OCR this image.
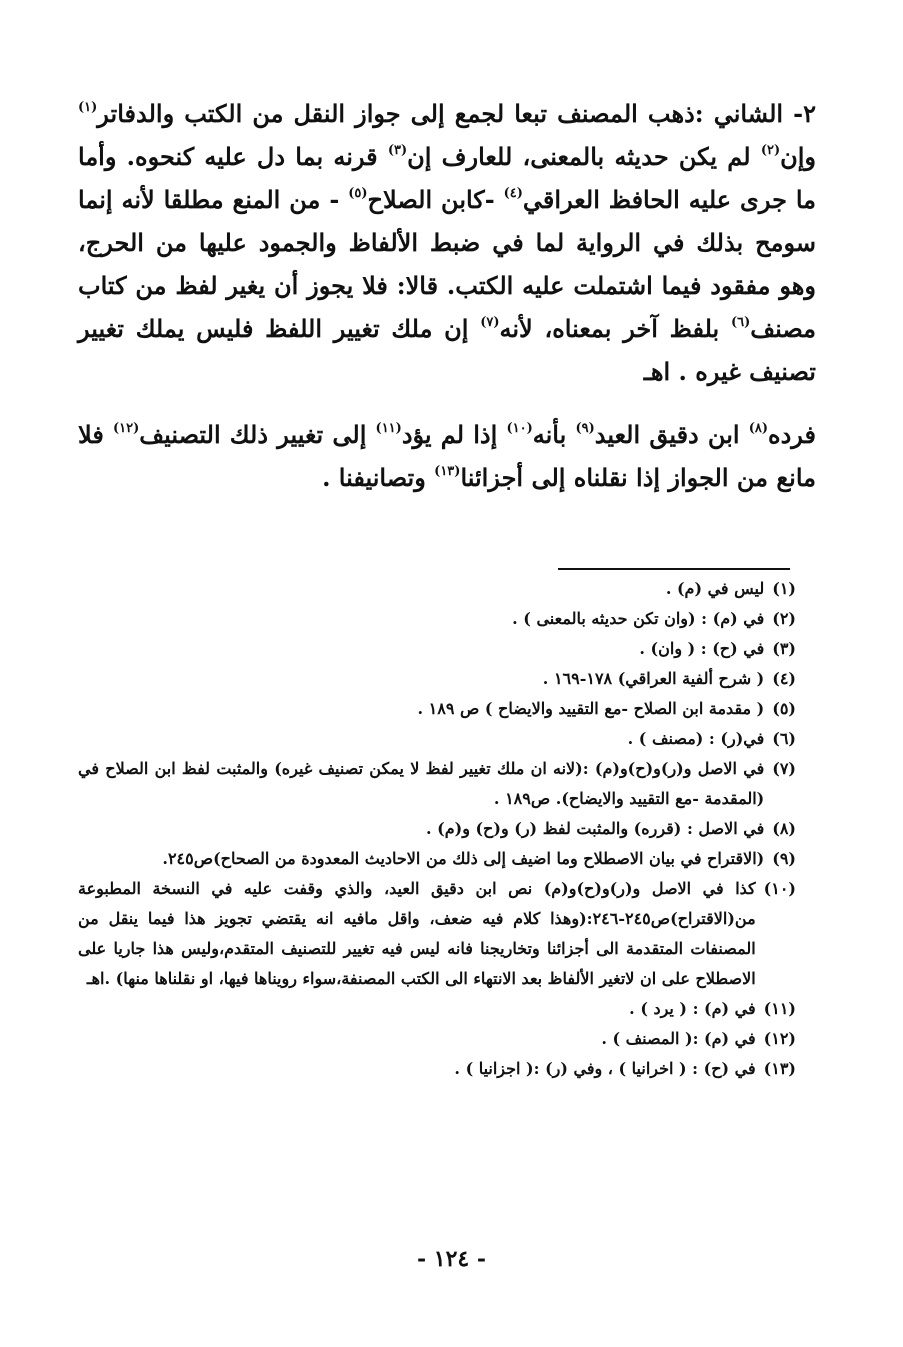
٢- الشاني :ذهب المصنف تبعا لجمع إلى جواز النقل من الكتب والدفاتر$^{(١)}$ وإن$^{(٢)}$ لم يكن حديثه بالمعنى، للعارف إن$^{(٣)}$ قرنه بما دل عليه كنحوه. وأما ما جرى عليه الحافظ العراقي$^{(٤)}$ -كابن الصلاح$^{(٥)}$ - من المنع مطلقا لأنه إنما سومح بذلك في الرواية لما في ضبط الألفاظ والجمود عليها من الحرج، وهو مفقود فيما اشتملت عليه الكتب. قالا: فلا يجوز أن يغير لفظ من كتاب مصنف$^{(٦)}$ بلفظ آخر بمعناه، لأنه$^{(٧)}$ إن ملك تغيير اللفظ فليس يملك تغيير تصنيف غيره . اهـ

فرده$^{(٨)}$ ابن دقيق العيد$^{(٩)}$ بأنه$^{(١٠)}$ إذا لم يؤد$^{(١١)}$ إلى تغيير ذلك التصنيف$^{(١٢)}$ فلا مانع من الجواز إذا نقلناه إلى أجزائنا$^{(١٣)}$ وتصانيفنا .

(١)
ليس في (م) .
(٢)
في (م) : (وان تكن حديثه بالمعنى ) .
(٣)
في (ح) : ( وان) .
(٤)
( شرح ألفية العراقي) ١٧٨-١٦٩ .
(٥)
( مقدمة ابن الصلاح -مع التقييد والايضاح ) ص ١٨٩ .
(٦)
في(ر) : (مصنف ) .
(٧)
في الاصل و(ر)و(ح)و(م) :(لانه ان ملك تغيير لفظ لا يمكن تصنيف غيره) والمثبت لفظ ابن الصلاح في (المقدمة -مع التقييد والايضاح). ص١٨٩ .
(٨)
في الاصل : (قرره) والمثبت لفظ (ر) و(ح) و(م) .
(٩)
(الاقتراح في بيان الاصطلاح وما اضيف إلى ذلك من الاحاديث المعدودة من الصحاح)ص٢٤٥.
(١٠)
كذا في الاصل و(ر)و(ح)و(م) نص ابن دقيق العيد، والذي وقفت عليه في النسخة المطبوعة من(الاقتراح)ص٢٤٥-٢٤٦:(وهذا كلام فيه ضعف، واقل مافيه انه يقتضي تجويز هذا فيما ينقل من المصنفات المتقدمة الى أجزائنا وتخاريجنا فانه ليس فيه تغيير للتصنيف المتقدم،وليس هذا جاريا على الاصطلاح على ان لاتغير الألفاظ بعد الانتهاء الى الكتب المصنفة،سواء رويناها فيها، او نقلناها منها) .اهـ
(١١)
في (م) : ( يرد ) .
(١٢)
في (م) :( المصنف ) .
(١٣)
في (ح) : ( اخرانيا ) ، وفي (ر) :( اجزانيا ) .
- ١٢٤ -
